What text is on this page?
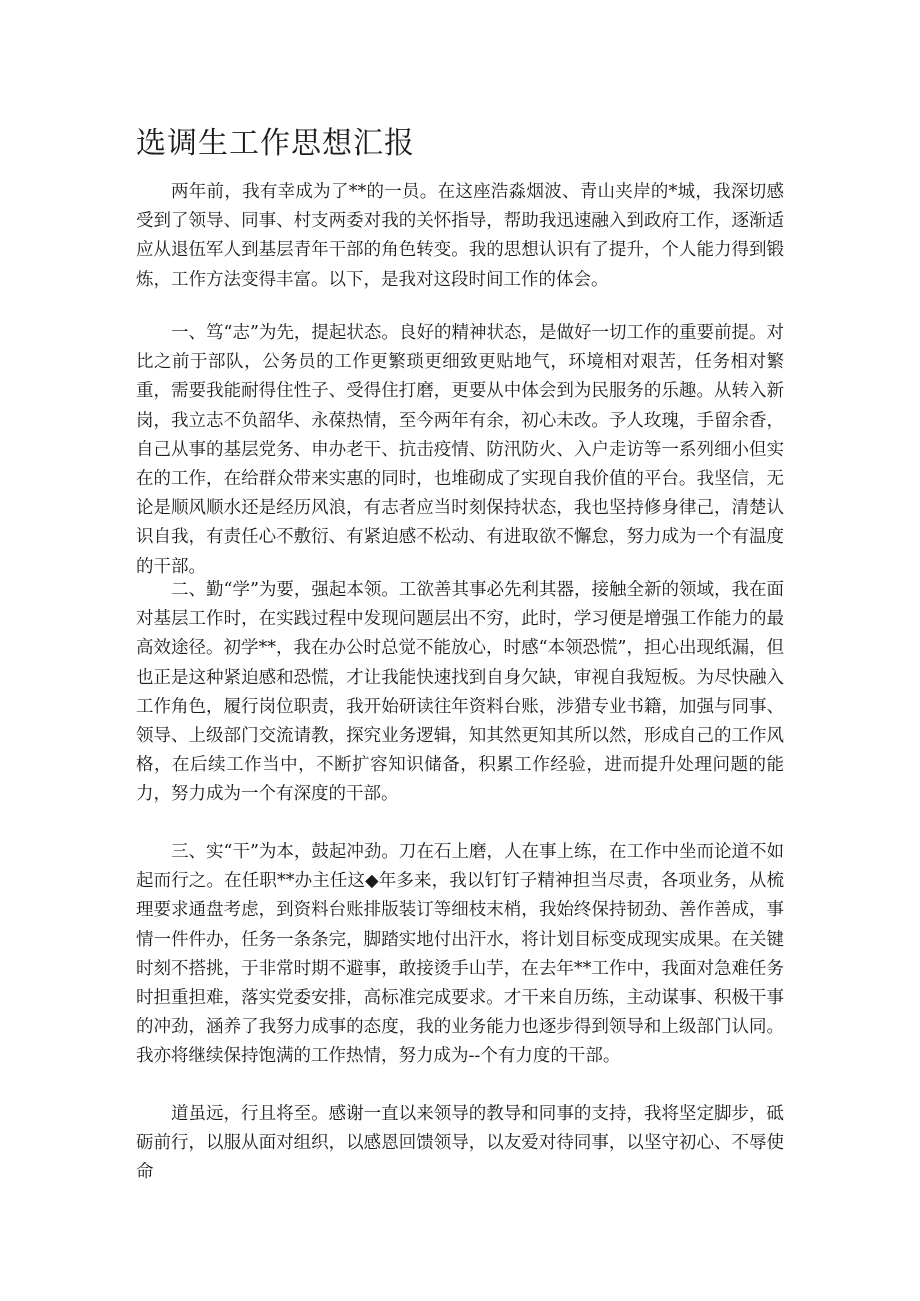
选调生工作思想汇报

两年前，我有幸成为了**的一员。在这座浩淼烟波、青山夹岸的*城，我深切感受到了领导、同事、村支两委对我的关怀指导，帮助我迅速融入到政府工作，逐渐适应从退伍军人到基层青年干部的角色转变。我的思想认识有了提升，个人能力得到锻炼，工作方法变得丰富。以下，是我对这段时间工作的体会。

一、笃“志”为先，提起状态。良好的精神状态，是做好一切工作的重要前提。对比之前于部队，公务员的工作更繁琐更细致更贴地气，环境相对艰苦，任务相对繁重，需要我能耐得住性子、受得住打磨，更要从中体会到为民服务的乐趣。从转入新岗，我立志不负韶华、永葆热情，至今两年有余，初心未改。予人玫瑰，手留余香，自己从事的基层党务、申办老干、抗击疫情、防汛防火、入户走访等一系列细小但实在的工作，在给群众带来实惠的同时，也堆砌成了实现自我价值的平台。我坚信，无论是顺风顺水还是经历风浪，有志者应当时刻保持状态，我也坚持修身律己，清楚认识自我，有责任心不敷衍、有紧迫感不松动、有进取欲不懈怠，努力成为一个有温度的干部。

二、勤“学”为要，强起本领。工欲善其事必先利其器，接触全新的领域，我在面对基层工作时，在实践过程中发现问题层出不穷，此时，学习便是增强工作能力的最高效途径。初学**，我在办公时总觉不能放心，时感“本领恐慌”，担心出现纸漏，但也正是这种紧迫感和恐慌，才让我能快速找到自身欠缺，审视自我短板。为尽快融入工作角色，履行岗位职责，我开始研读往年资料台账，涉猎专业书籍，加强与同事、领导、上级部门交流请教，探究业务逻辑，知其然更知其所以然，形成自己的工作风格，在后续工作当中，不断扩容知识储备，积累工作经验，进而提升处理问题的能力，努力成为一个有深度的干部。

三、实“干”为本，鼓起冲劲。刀在石上磨，人在事上练，在工作中坐而论道不如起而行之。在任职**办主任这◆年多来，我以钉钉子精神担当尽责，各项业务，从梳理要求通盘考虑，到资料台账排版装订等细枝末梢，我始终保持韧劲、善作善成，事情一件件办，任务一条条完，脚踏实地付出汗水，将计划目标变成现实成果。在关键时刻不搭挑，于非常时期不避事，敢接烫手山芋，在去年**工作中，我面对急难任务时担重担难，落实党委安排，高标准完成要求。才干来自历练，主动谋事、积极干事的冲劲，涵养了我努力成事的态度，我的业务能力也逐步得到领导和上级部门认同。我亦将继续保持饱满的工作热情，努力成为--个有力度的干部。

道虽远，行且将至。感谢一直以来领导的教导和同事的支持，我将坚定脚步，砥砺前行，以服从面对组织，以感恩回馈领导，以友爱对待同事，以坚守初心、不辱使命
